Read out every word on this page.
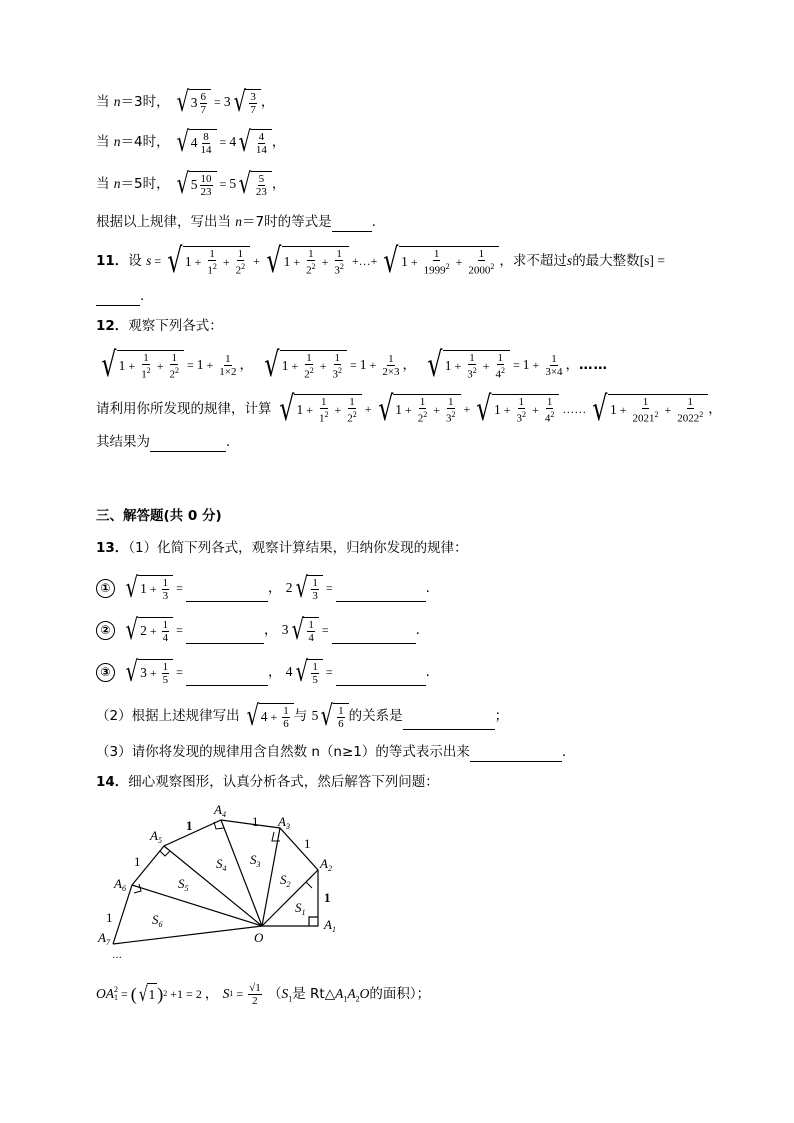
当 n＝3时， √ $3 \frac{6}{7} = 3$ √ $\frac{3}{7}$ ，
当 n＝4时， √ $4 \frac{8}{14} = 4$ √ $\frac{4}{14}$ ，
当 n＝5时， √ $5 \frac{10}{23} = 5$ √ $\frac{5}{23}$ ，
根据以上规律，写出当 n＝7时的等式是	.
11．设 s = √ $1 + \frac{1}{1^2} + \frac{1}{2^2}$ + √ $1 + \frac{1}{2^2} + \frac{1}{3^2}$ +…+ √ $1 + \frac{1}{1999^2} + \frac{1}{2000^2}$ ，求不超过s的最大整数[s] =
.
12．观察下列各式：
√ $1 + \frac{1}{1^2} + \frac{1}{2^2} = 1 + \frac{1}{1\times 2}$ ， √ $1 + \frac{1}{2^2} + \frac{1}{3^2} = 1 + \frac{1}{2\times 3}$ ， √ $1 + \frac{1}{3^2} + \frac{1}{4^2} = 1 + \frac{1}{3\times 4}$ ， ……
请利用你所发现的规律，计算 √ $1 + \frac{1}{1^2} + \frac{1}{2^2}$ + √ $1 + \frac{1}{2^2} + \frac{1}{3^2}$ + √ $1 + \frac{1}{3^2} + \frac{1}{4^2}$ …… √ $1 + \frac{1}{2021^2} + \frac{1}{2022^2}$ ，
其结果为	.
三、解答题(共 0 分)
13．（1）化简下列各式，观察计算结果，归纳你发现的规律：
① √ $1 + \frac{1}{3}$ =	， 2 √ $\frac{1}{3}$ =	.
② √ $2 + \frac{1}{4}$ =	， 3 √ $\frac{1}{4}$ =	.
③ √ $3 + \frac{1}{5}$ =	， 4 √ $\frac{1}{5}$ =	.
（2）根据上述规律写出 √ $4 + \frac{1}{6}$ 与 5 √ $\frac{1}{6}$ 的关系是	；
（3）请你将发现的规律用含自然数 n（n≥1）的等式表示出来	.
14．细心观察图形，认真分析各式，然后解答下列问题：
$A_1$
$A_2$
$A_3$
$A_4$
$A_5$
$A_6$
$A_7$	O
$S_1$
$S_2$
$S_3$
$S_4$
$S_5$
$S_6$
1
1
1
1
1
1
…
OA 2
1 = ( √ 1 ) 2 +1 = 2 ， S $1 = \frac{√1}{2} (S_1$是 $Rt\triangle A_1A_2O$的面积）；
